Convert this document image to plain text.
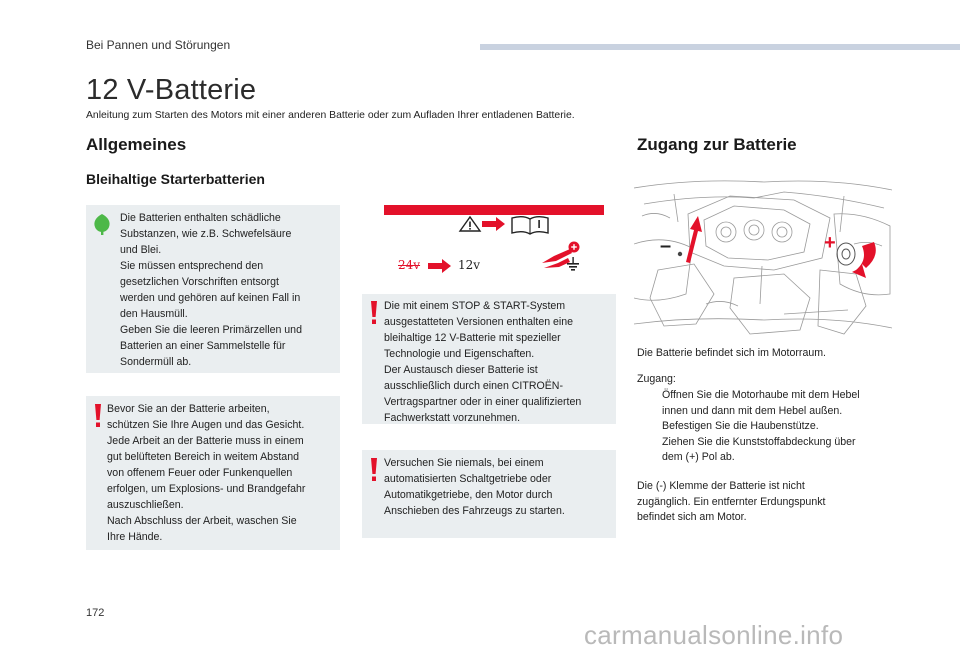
Bei Pannen und Störungen
12 V-Batterie
Anleitung zum Starten des Motors mit einer anderen Batterie oder zum Aufladen Ihrer entladenen Batterie.
Allgemeines
Bleihaltige Starterbatterien
Die Batterien enthalten schädliche
Substanzen, wie z.B. Schwefelsäure
und Blei.
Sie müssen entsprechend den
gesetzlichen Vorschriften entsorgt
werden und gehören auf keinen Fall in
den Hausmüll.
Geben Sie die leeren Primärzellen und
Batterien an einer Sammelstelle für
Sondermüll ab.
Bevor Sie an der Batterie arbeiten,
schützen Sie Ihre Augen und das Gesicht.
Jede Arbeit an der Batterie muss in einem
gut belüfteten Bereich in weitem Abstand
von offenem Feuer oder Funkenquellen
erfolgen, um Explosions- und Brandgefahr
auszuschließen.
Nach Abschluss der Arbeit, waschen Sie
Ihre Hände.
24v	12v
Die mit einem STOP & START-System
ausgestatteten Versionen enthalten eine
bleihaltige 12 V-Batterie mit spezieller
Technologie und Eigenschaften.
Der Austausch dieser Batterie ist
ausschließlich durch einen CITROËN-
Vertragspartner oder in einer qualifizierten
Fachwerkstatt vorzunehmen.
Versuchen Sie niemals, bei einem
automatisierten Schaltgetriebe oder
Automatikgetriebe, den Motor durch
Anschieben des Fahrzeugs zu starten.
Zugang zur Batterie
–	+
Die Batterie befindet sich im Motorraum.
Zugang:
Öffnen Sie die Motorhaube mit dem Hebel
innen und dann mit dem Hebel außen.
Befestigen Sie die Haubenstütze.
Ziehen Sie die Kunststoffabdeckung über
dem (+) Pol ab.
Die (-) Klemme der Batterie ist nicht
zugänglich. Ein entfernter Erdungspunkt
befindet sich am Motor.
172
carmanualsonline.info
